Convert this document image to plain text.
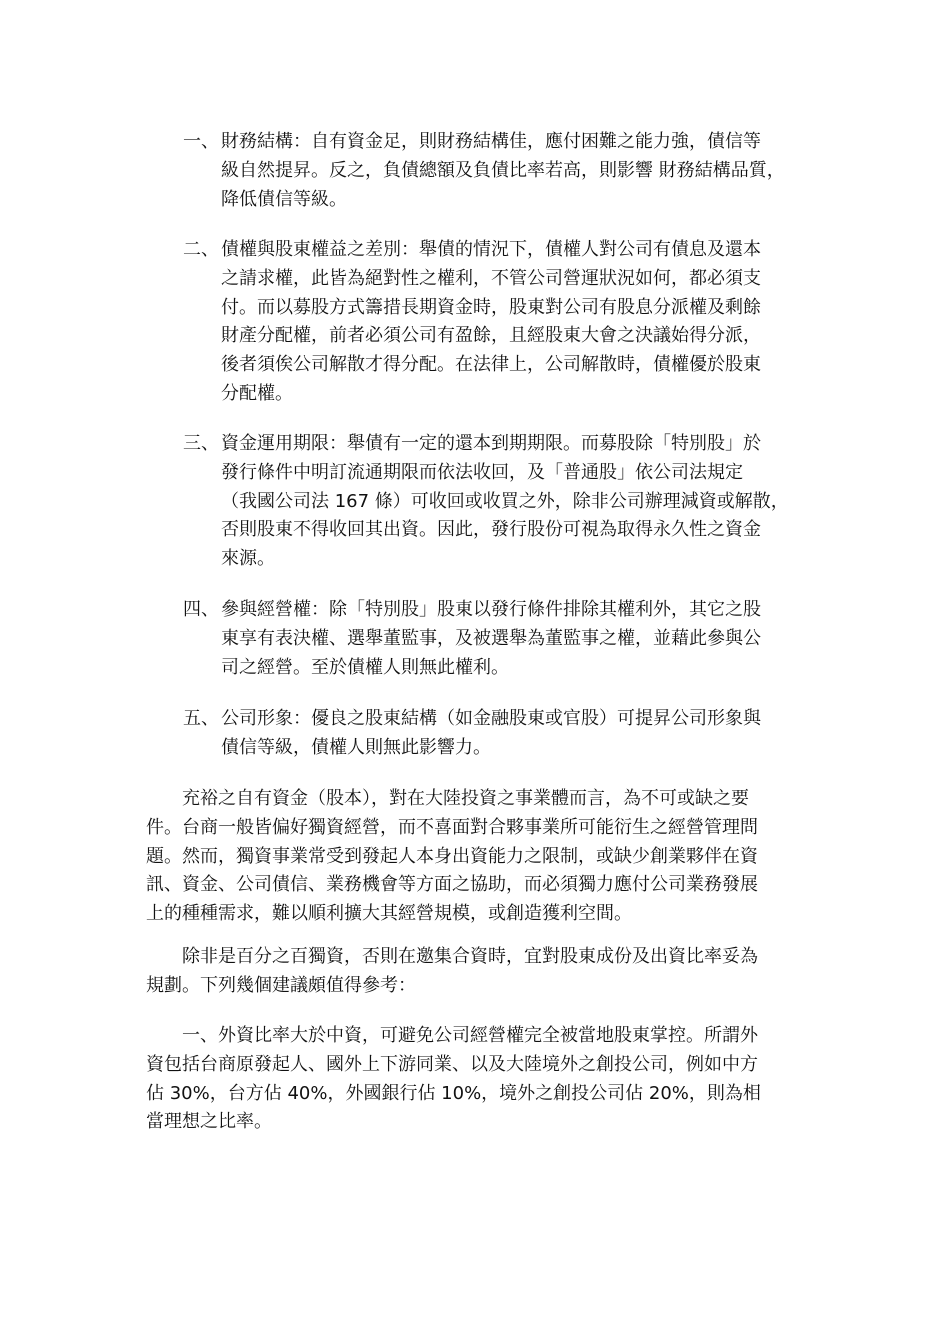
一、 財務結構：自有資金足，則財務結構佳，應付困難之能力強，債信等
級自然提昇。反之，負債總額及負債比率若高，則影響 財務結構品質，
降低債信等級。
二、 債權與股東權益之差別：舉債的情況下，債權人對公司有債息及還本
之請求權，此皆為絕對性之權利，不管公司營運狀況如何，都必須支
付。而以募股方式籌措長期資金時，股東對公司有股息分派權及剩餘
財產分配權，前者必須公司有盈餘，且經股東大會之決議始得分派，
後者須俟公司解散才得分配。在法律上，公司解散時，債權優於股東
分配權。
三、 資金運用期限：舉債有一定的還本到期期限。而募股除「特別股」於
發行條件中明訂流通期限而依法收回，及「普通股」依公司法規定
（我國公司法 167 條）可收回或收買之外，除非公司辦理減資或解散，
否則股東不得收回其出資。因此，發行股份可視為取得永久性之資金
來源。
四、 參與經營權：除「特別股」股東以發行條件排除其權利外，其它之股
東享有表決權、選舉董監事，及被選舉為董監事之權，並藉此參與公
司之經營。至於債權人則無此權利。
五、 公司形象：優良之股東結構（如金融股東或官股）可提昇公司形象與
債信等級，債權人則無此影響力。
　　充裕之自有資金（股本），對在大陸投資之事業體而言，為不可或缺之要
件。台商一般皆偏好獨資經營，而不喜面對合夥事業所可能衍生之經營管理問
題。然而，獨資事業常受到發起人本身出資能力之限制，或缺少創業夥伴在資
訊、資金、公司債信、業務機會等方面之協助，而必須獨力應付公司業務發展
上的種種需求，難以順利擴大其經營規模，或創造獲利空間。
　　除非是百分之百獨資，否則在邀集合資時，宜對股東成份及出資比率妥為
規劃。下列幾個建議頗值得參考：
　　一、外資比率大於中資，可避免公司經營權完全被當地股東掌控。所謂外
資包括台商原發起人、國外上下游同業、以及大陸境外之創投公司，例如中方
佔 30%，台方佔 40%，外國銀行佔 10%，境外之創投公司佔 20%，則為相
當理想之比率。
